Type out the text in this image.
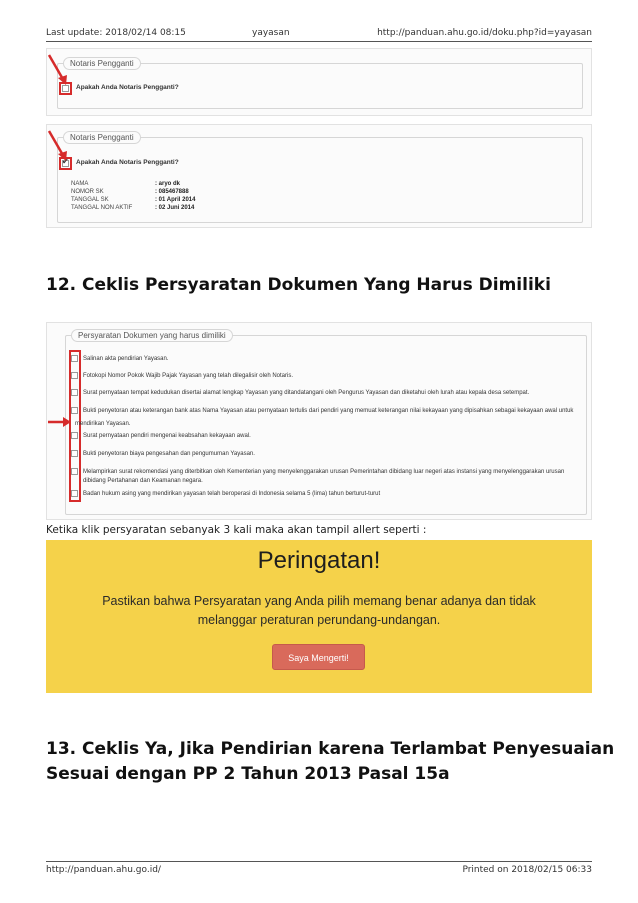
Last update: 2018/02/14 08:15	yayasan	http://panduan.ahu.go.id/doku.php?id=yayasan
Notaris Pengganti
Apakah Anda Notaris Pengganti?
Notaris Pengganti
✔
Apakah Anda Notaris Pengganti?
NAMA	: aryo dk
NOMOR SK	: 085467888
TANGGAL SK	: 01 April 2014
TANGGAL NON AKTIF	: 02 Juni 2014
12. Ceklis Persyaratan Dokumen Yang Harus Dimiliki
Persyaratan Dokumen yang harus dimiliki
Salinan akta pendirian Yayasan.
Fotokopi Nomor Pokok Wajib Pajak Yayasan yang telah dilegalisir oleh Notaris.
Surat pernyataan tempat kedudukan disertai alamat lengkap Yayasan yang ditandatangani oleh Pengurus Yayasan dan diketahui oleh lurah atau kepala desa setempat.
Bukti penyetoran atau keterangan bank atas Nama Yayasan atau pernyataan tertulis dari pendiri yang memuat keterangan nilai kekayaan yang dipisahkan sebagai kekayaan awal untuk
mendirikan Yayasan.
Surat pernyataan pendiri mengenai keabsahan kekayaan awal.
Bukti penyetoran biaya pengesahan dan pengumuman Yayasan.
Melampirkan surat rekomendasi yang diterbitkan oleh Kementerian yang menyelenggarakan urusan Pemerintahan dibidang luar negeri atas instansi yang menyelenggarakan urusan
dibidang Pertahanan dan Keamanan negara.
Badan hukum asing yang mendirikan yayasan telah beroperasi di Indonesia selama 5 (lima) tahun berturut-turut
Ketika klik persyaratan sebanyak 3 kali maka akan tampil allert seperti :
Peringatan!
Pastikan bahwa Persyaratan yang Anda pilih memang benar adanya dan tidak
melanggar peraturan perundang-undangan.
Saya Mengerti!
13. Ceklis Ya, Jika Pendirian karena Terlambat Penyesuaian
Sesuai dengan PP 2 Tahun 2013 Pasal 15a
http://panduan.ahu.go.id/	Printed on 2018/02/15 06:33
